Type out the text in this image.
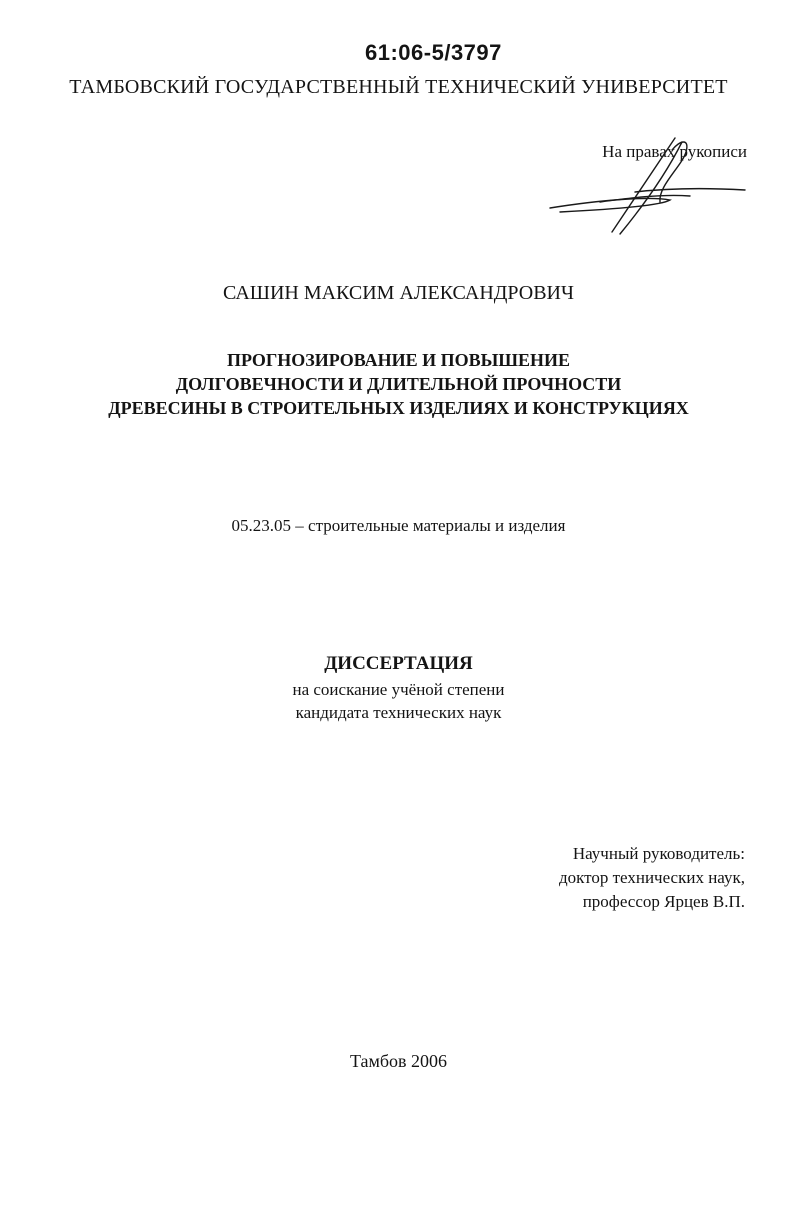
61:06-5/3797
ТАМБОВСКИЙ ГОСУДАРСТВЕННЫЙ ТЕХНИЧЕСКИЙ УНИВЕРСИТЕТ
На правах рукописи
САШИН МАКСИМ АЛЕКСАНДРОВИЧ
ПРОГНОЗИРОВАНИЕ И ПОВЫШЕНИЕ
ДОЛГОВЕЧНОСТИ И ДЛИТЕЛЬНОЙ ПРОЧНОСТИ
ДРЕВЕСИНЫ В СТРОИТЕЛЬНЫХ ИЗДЕЛИЯХ И КОНСТРУКЦИЯХ
05.23.05 – строительные материалы и изделия
ДИССЕРТАЦИЯ
на соискание учёной степени
кандидата технических наук
Научный руководитель:
доктор технических наук,
профессор Ярцев В.П.
Тамбов 2006
